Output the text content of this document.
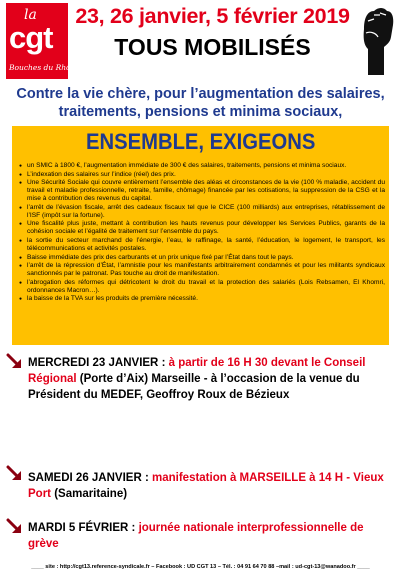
la
cgt
Bouches du Rhône
23, 26 janvier, 5 février 2019
TOUS MOBILISÉS
Contre la vie chère, pour l’augmentation des salaires,
traitements, pensions et minima sociaux,
ENSEMBLE, EXIGEONS
● un SMIC à 1800 €, l’augmentation immédiate de 300 € des salaires, traitements, pensions et minima sociaux.
● L’indexation des salaires sur l’indice (réel) des prix.
● Une Sécurité Sociale qui couvre entièrement l’ensemble des aléas et circonstances de la vie (100 % maladie, accident du travail et maladie professionnelle, retraite, famille, chômage) financée par les cotisations, la suppression de la CSG et la mise à contribution des revenus du capital.
● l’arrêt de l’évasion fiscale, arrêt des cadeaux fiscaux tel que le CICE (100 milliards) aux entreprises, rétablissement de l’ISF (impôt sur la fortune).
● Une fiscalité plus juste, mettant à contribution les hauts revenus pour développer les Services Publics, garants de la cohésion sociale et l’égalité de traitement sur l’ensemble du pays.
● la sortie du secteur marchand de l’énergie, l’eau, le raffinage, la santé, l’éducation, le logement, le transport, les télécommunications et activités postales.
● Baisse immédiate des prix des carburants et un prix unique fixé par l’État dans tout le pays.
● l’arrêt de la répression d’État, l’amnistie pour les manifestants arbitrairement condamnés et pour les militants syndicaux sanctionnés par le patronat. Pas touche au droit de manifestation.
● l’abrogation des réformes qui détricotent le droit du travail et la protection des salariés (Lois Rebsamen, El Khomri, ordonnances Macron…).
● la baisse de la TVA sur les produits de première nécessité.
MERCREDI 23 JANVIER : à partir de 16 H 30 devant le Conseil Régional (Porte d’Aix) Marseille - à l’occasion de la venue du Président du MEDEF, Geoffroy Roux de Bézieux
SAMEDI 26 JANVIER : manifestation à MARSEILLE à 14 H - Vieux Port (Samaritaine)
MARDI 5 FÉVRIER : journée nationale interprofessionnelle de grève
____ site : http://cgt13.reference-syndicale.fr – Facebook : UD CGT 13 – Tél. : 04 91 64 70 88 –mail : ud-cgt-13@wanadoo.fr ____
